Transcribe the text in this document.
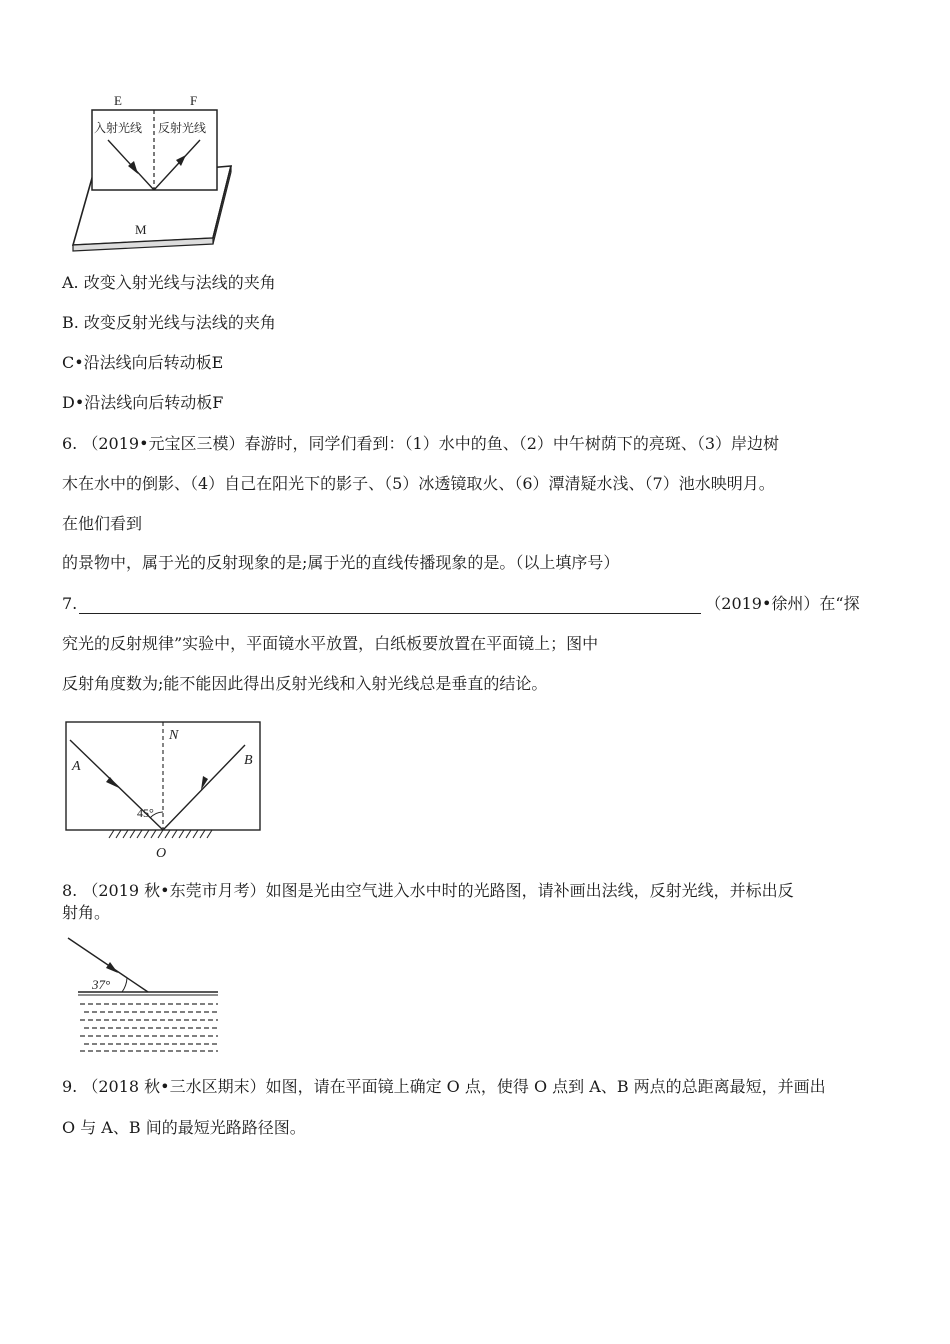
E	F
入射光线 反射光线
M
A. 改变入射光线与法线的夹角
B. 改变反射光线与法线的夹角
C•沿法线向后转动板E
D•沿法线向后转动板F
6. （2019•元宝区三模）春游时，同学们看到：（1）水中的鱼、（2）中午树荫下的亮斑、（3）岸边树
木在水中的倒影、（4）自己在阳光下的影子、（5）冰透镜取火、（6）潭清疑水浅、（7）池水映明月。
在他们看到
的景物中，属于光的反射现象的是;属于光的直线传播现象的是。（以上填序号）
7.	（2019•徐州）在“探
究光的反射规律”实验中，平面镜水平放置，白纸板要放置在平面镜上；图中
反射角度数为;能不能因此得出反射光线和入射光线总是垂直的结论。
N
A	B
45°
O
8. （2019 秋•东莞市月考）如图是光由空气进入水中时的光路图，请补画出法线，反射光线，并标出反
射角。
37°
9. （2018 秋•三水区期末）如图，请在平面镜上确定 O 点，使得 O 点到 A、B 两点的总距离最短，并画出
O 与 A、B 间的最短光路路径图。
